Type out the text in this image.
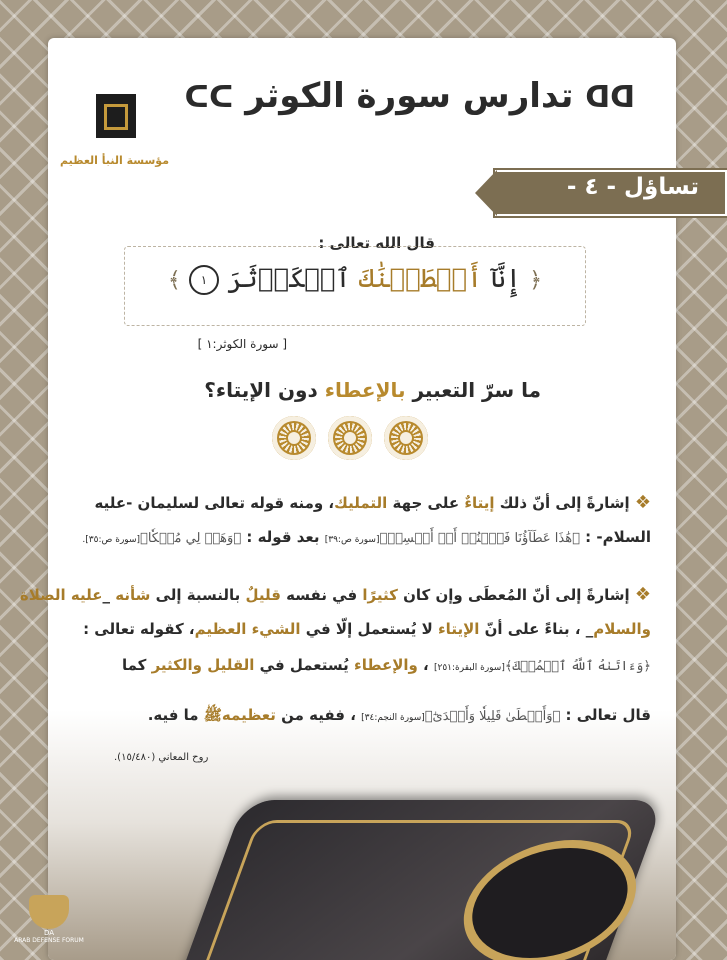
ᗡᗡ تدارس سورة الكوثر ᑕᑕ
مؤسسة النبأ العظيم
تساؤل - ٤ -
قال الله تعالى :
﴿ إِنَّآ أَعۡطَيۡنَٰكَ ٱلۡكَوۡثَرَ ١ ﴾
[ سورة الكوثر:١ ]
ما سرّ التعبير بالإعطاء دون الإيتاء؟
❖ إشارةً إلى أنّ ذلك إيتاءٌ على جهة التمليك، ومنه قوله تعالى لسليمان -عليه
السلام- : ﴿هَٰذَا عَطَآؤُنَا فَٱمۡنُنۡ أَوۡ أَمۡسِكۡ﴾[سورة ص:٣٩] بعد قوله : ﴿وَهَبۡ لِي مُلۡكٗا﴾[سورة ص:٣٥].
❖ إشارةً إلى أنّ المُعطَى وإن كان كثيرًا في نفسه قليلٌ بالنسبة إلى شأنه _عليه الصلاة
والسلام_ ، بناءً على أنّ الإيتاء لا يُستعمل إلّا في الشيء العظيم، كقوله تعالى :
﴿وَءَاتَىٰهُ ٱللَّهُ ٱلۡمُلۡكَ﴾[سورة البقرة:٢٥١] ، والإعطاء يُستعمل في القليل والكثير كما
قال تعالى : ﴿وَأَعۡطَىٰ قَلِيلٗا وَأَكۡدَىٰٓ﴾[سورة النجم:٣٤] ، ففيه من تعظيمهﷺ ما فيه.
روح المعاني (١٥/٤٨٠).
DA
ARAB DEFENSE FORUM
